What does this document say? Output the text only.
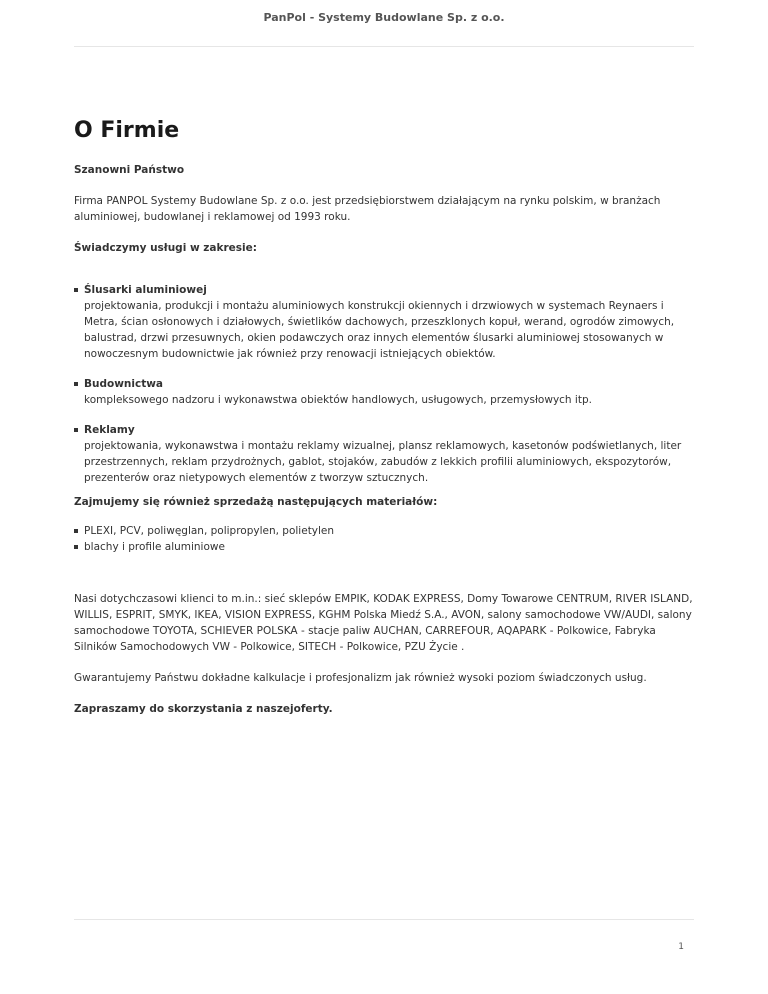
PanPol - Systemy Budowlane Sp. z o.o.
O Firmie

Szanowni Państwo

Firma PANPOL Systemy Budowlane Sp. z o.o. jest przedsiębiorstwem działającym na rynku polskim, w branżach aluminiowej, budowlanej i reklamowej od 1993 roku.

Świadczymy usługi w zakresie:

Ślusarki aluminiowej
projektowania, produkcji i montażu aluminiowych konstrukcji okiennych i drzwiowych w systemach Reynaers i Metra, ścian osłonowych i działowych, świetlików dachowych, przeszklonych kopuł, werand, ogrodów zimowych, balustrad, drzwi przesuwnych, okien podawczych oraz innych elementów ślusarki aluminiowej stosowanych w nowoczesnym budownictwie jak również przy renowacji istniejących obiektów.
Budownictwa
kompleksowego nadzoru i wykonawstwa obiektów handlowych, usługowych, przemysłowych itp.
Reklamy
projektowania, wykonawstwa i montażu reklamy wizualnej, plansz reklamowych, kasetonów podświetlanych, liter przestrzennych, reklam przydrożnych, gablot, stojaków, zabudów z lekkich profilii aluminiowych, ekspozytorów, prezenterów oraz nietypowych elementów z tworzyw sztucznych.

Zajmujemy się również sprzedażą następujących materiałów:

PLEXI, PCV, poliwęglan, polipropylen, polietylen
blachy i profile aluminiowe

Nasi dotychczasowi klienci to m.in.: sieć sklepów EMPIK, KODAK EXPRESS, Domy Towarowe CENTRUM, RIVER ISLAND, WILLIS, ESPRIT, SMYK, IKEA, VISION EXPRESS, KGHM Polska Miedź S.A., AVON, salony samochodowe VW/AUDI, salony samochodowe TOYOTA, SCHIEVER POLSKA - stacje paliw AUCHAN, CARREFOUR, AQAPARK - Polkowice, Fabryka Silników Samochodowych VW - Polkowice, SITECH - Polkowice, PZU Życie .

Gwarantujemy Państwu dokładne kalkulacje i profesjonalizm jak również wysoki poziom świadczonych usług.

Zapraszamy do skorzystania z naszejoferty.

1
